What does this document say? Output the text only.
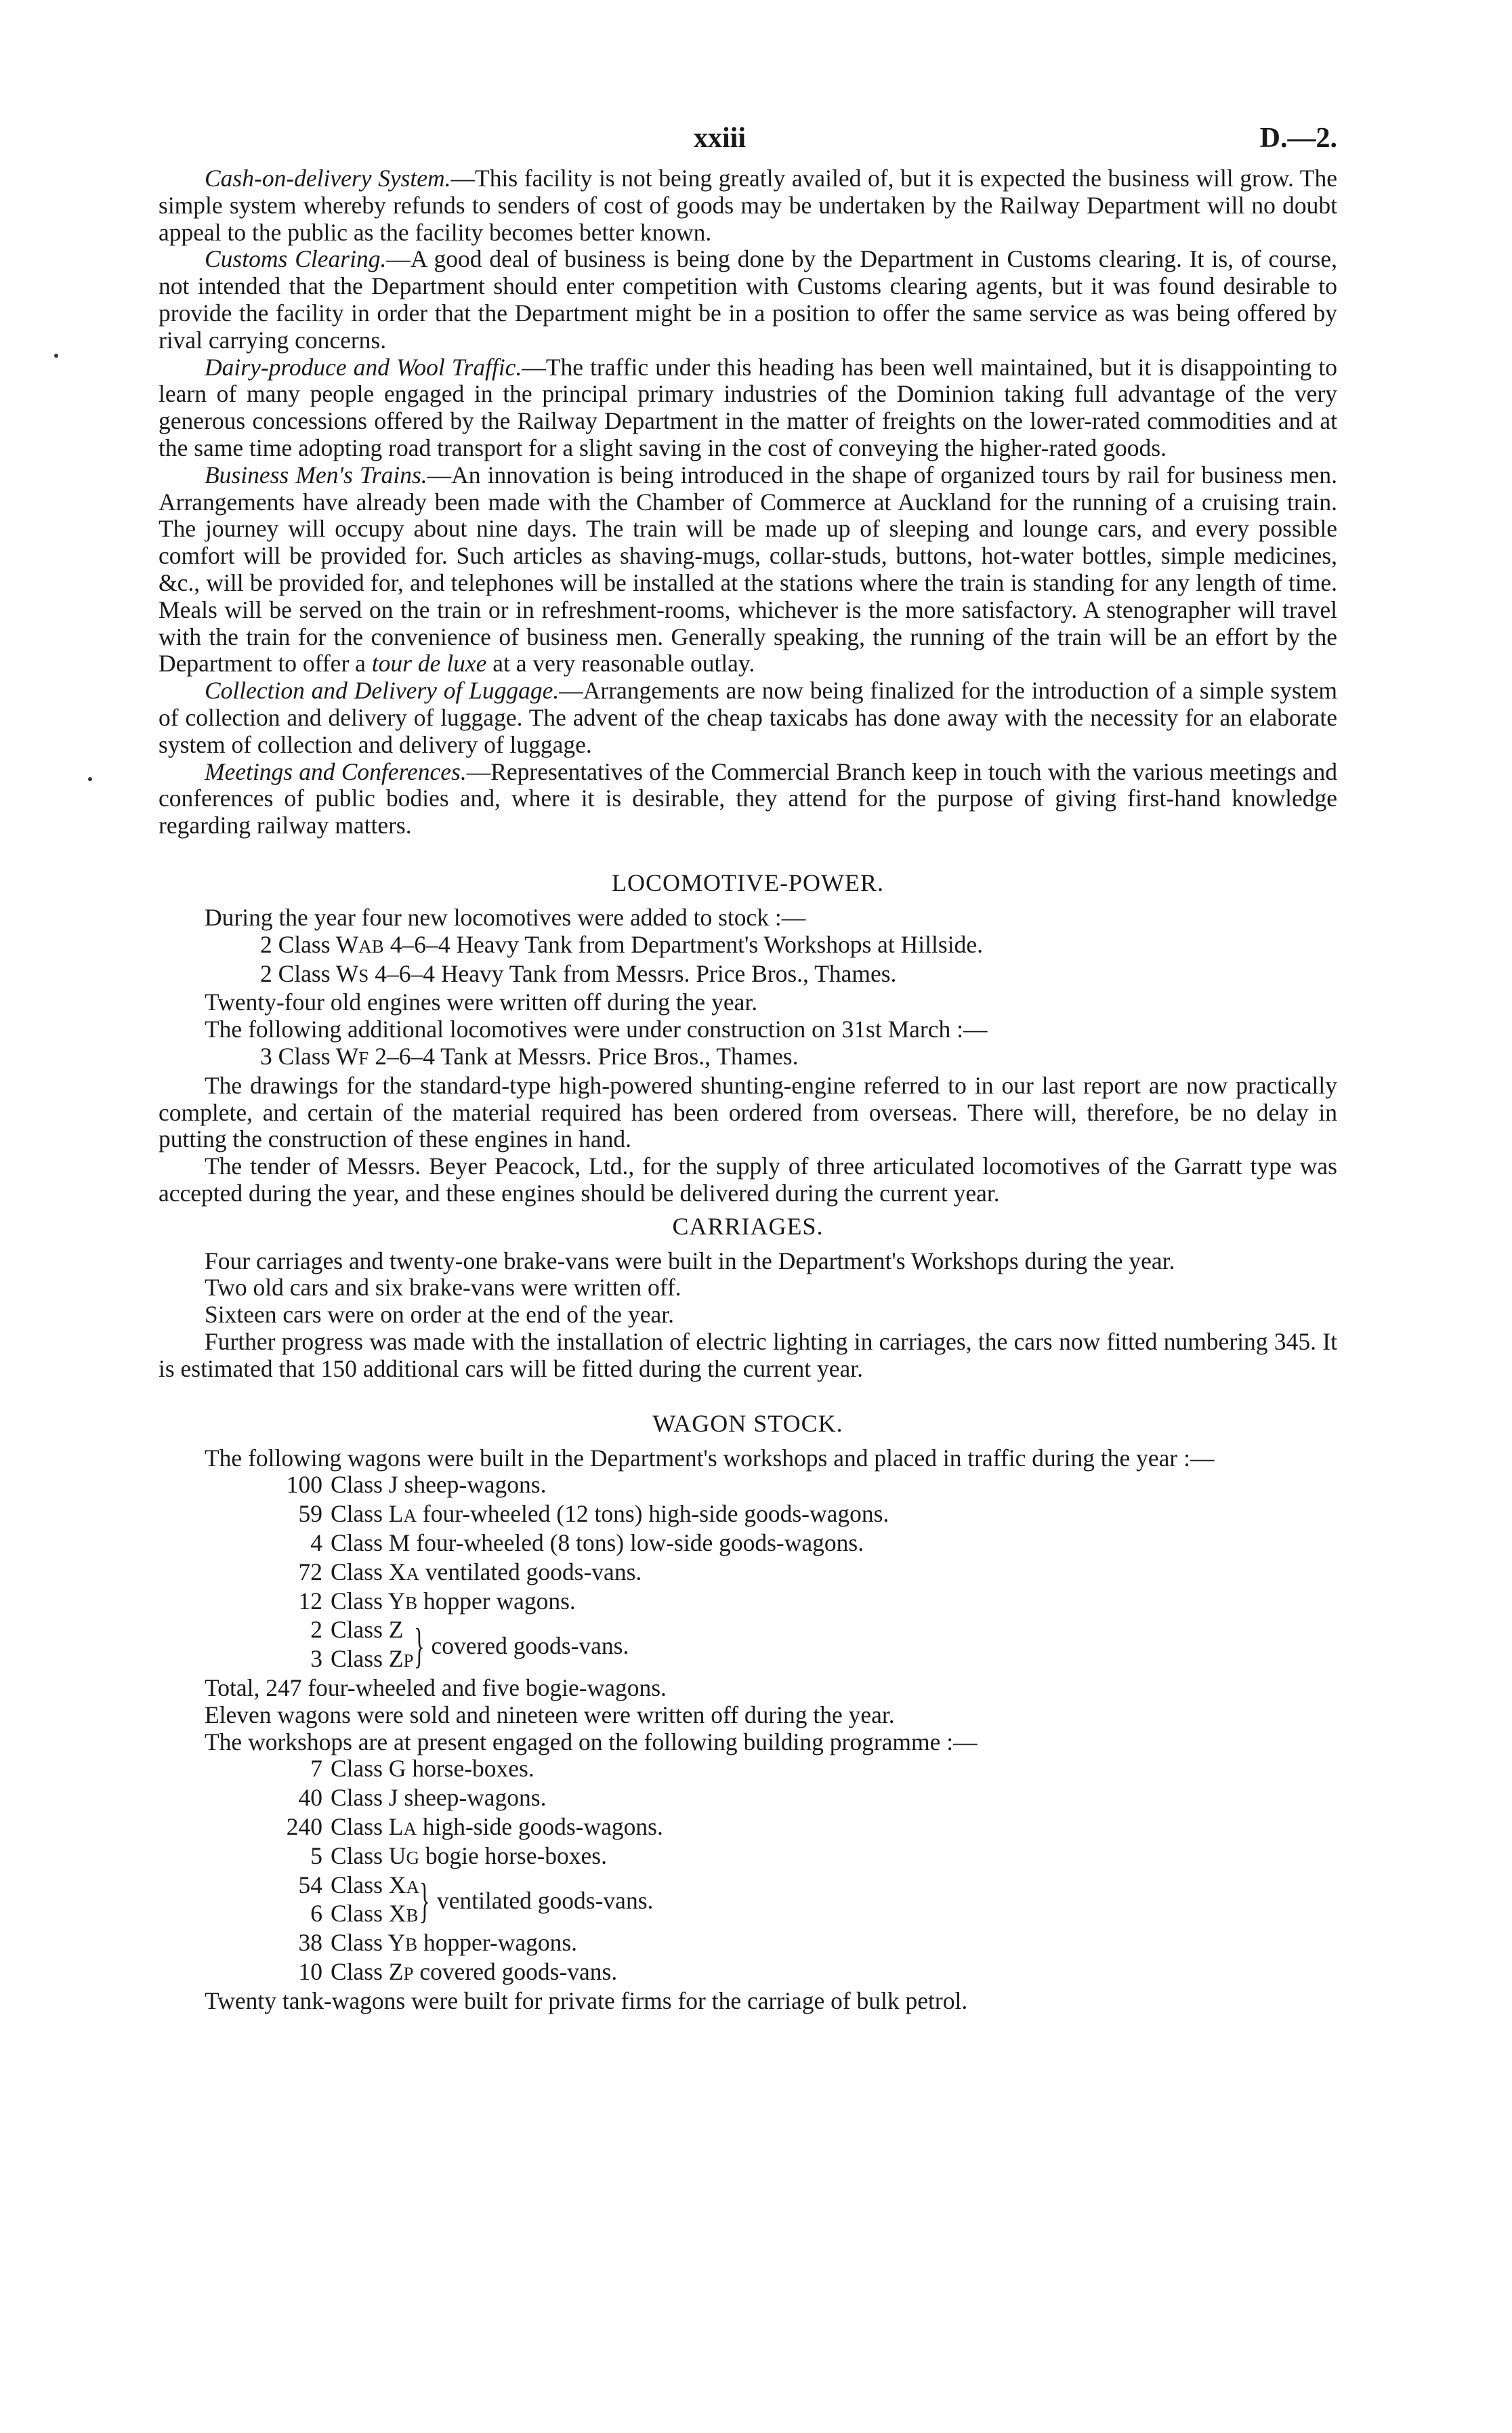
xxiii	D.—2.

Cash-on-delivery System.—This facility is not being greatly availed of, but it is expected the business will grow. The simple system whereby refunds to senders of cost of goods may be undertaken by the Railway Department will no doubt appeal to the public as the facility becomes better known.

Customs Clearing.—A good deal of business is being done by the Department in Customs clearing. It is, of course, not intended that the Department should enter competition with Customs clearing agents, but it was found desirable to provide the facility in order that the Department might be in a position to offer the same service as was being offered by rival carrying concerns.

Dairy-produce and Wool Traffic.—The traffic under this heading has been well maintained, but it is disappointing to learn of many people engaged in the principal primary industries of the Dominion taking full advantage of the very generous concessions offered by the Railway Department in the matter of freights on the lower-rated commodities and at the same time adopting road transport for a slight saving in the cost of conveying the higher-rated goods.

Business Men's Trains.—An innovation is being introduced in the shape of organized tours by rail for business men. Arrangements have already been made with the Chamber of Commerce at Auckland for the running of a cruising train. The journey will occupy about nine days. The train will be made up of sleeping and lounge cars, and every possible comfort will be provided for. Such articles as shaving-mugs, collar-studs, buttons, hot-water bottles, simple medicines, &c., will be provided for, and telephones will be installed at the stations where the train is standing for any length of time. Meals will be served on the train or in refreshment-rooms, whichever is the more satisfactory. A stenographer will travel with the train for the convenience of business men. Generally speaking, the running of the train will be an effort by the Department to offer a tour de luxe at a very reasonable outlay.

Collection and Delivery of Luggage.—Arrangements are now being finalized for the introduction of a simple system of collection and delivery of luggage. The advent of the cheap taxicabs has done away with the necessity for an elaborate system of collection and delivery of luggage.

Meetings and Conferences.—Representatives of the Commercial Branch keep in touch with the various meetings and conferences of public bodies and, where it is desirable, they attend for the purpose of giving first-hand knowledge regarding railway matters.

LOCOMOTIVE-POWER.

During the year four new locomotives were added to stock :—

2 Class WAB 4–6–4 Heavy Tank from Department's Workshops at Hillside.
2 Class WS 4–6–4 Heavy Tank from Messrs. Price Bros., Thames.

Twenty-four old engines were written off during the year.

The following additional locomotives were under construction on 31st March :—

3 Class WF 2–6–4 Tank at Messrs. Price Bros., Thames.

The drawings for the standard-type high-powered shunting-engine referred to in our last report are now practically complete, and certain of the material required has been ordered from overseas. There will, therefore, be no delay in putting the construction of these engines in hand.

The tender of Messrs. Beyer Peacock, Ltd., for the supply of three articulated locomotives of the Garratt type was accepted during the year, and these engines should be delivered during the current year.

CARRIAGES.

Four carriages and twenty-one brake-vans were built in the Department's Workshops during the year.

Two old cars and six brake-vans were written off.

Sixteen cars were on order at the end of the year.

Further progress was made with the installation of electric lighting in carriages, the cars now fitted numbering 345. It is estimated that 150 additional cars will be fitted during the current year.

WAGON STOCK.

The following wagons were built in the Department's workshops and placed in traffic during the year :—

100 Class J sheep-wagons.
59 Class LA four-wheeled (12 tons) high-side goods-wagons.
4 Class M four-wheeled (8 tons) low-side goods-wagons.
72 Class XA ventilated goods-vans.
12 Class YB hopper wagons.
2 Class Z
3 Class ZP } covered goods-vans.

Total, 247 four-wheeled and five bogie-wagons.

Eleven wagons were sold and nineteen were written off during the year.

The workshops are at present engaged on the following building programme :—

7 Class G horse-boxes.
40 Class J sheep-wagons.
240 Class LA high-side goods-wagons.
5 Class UG bogie horse-boxes.
54 Class XA
6 Class XB } ventilated goods-vans.
38 Class YB hopper-wagons.
10 Class ZP covered goods-vans.

Twenty tank-wagons were built for private firms for the carriage of bulk petrol.
